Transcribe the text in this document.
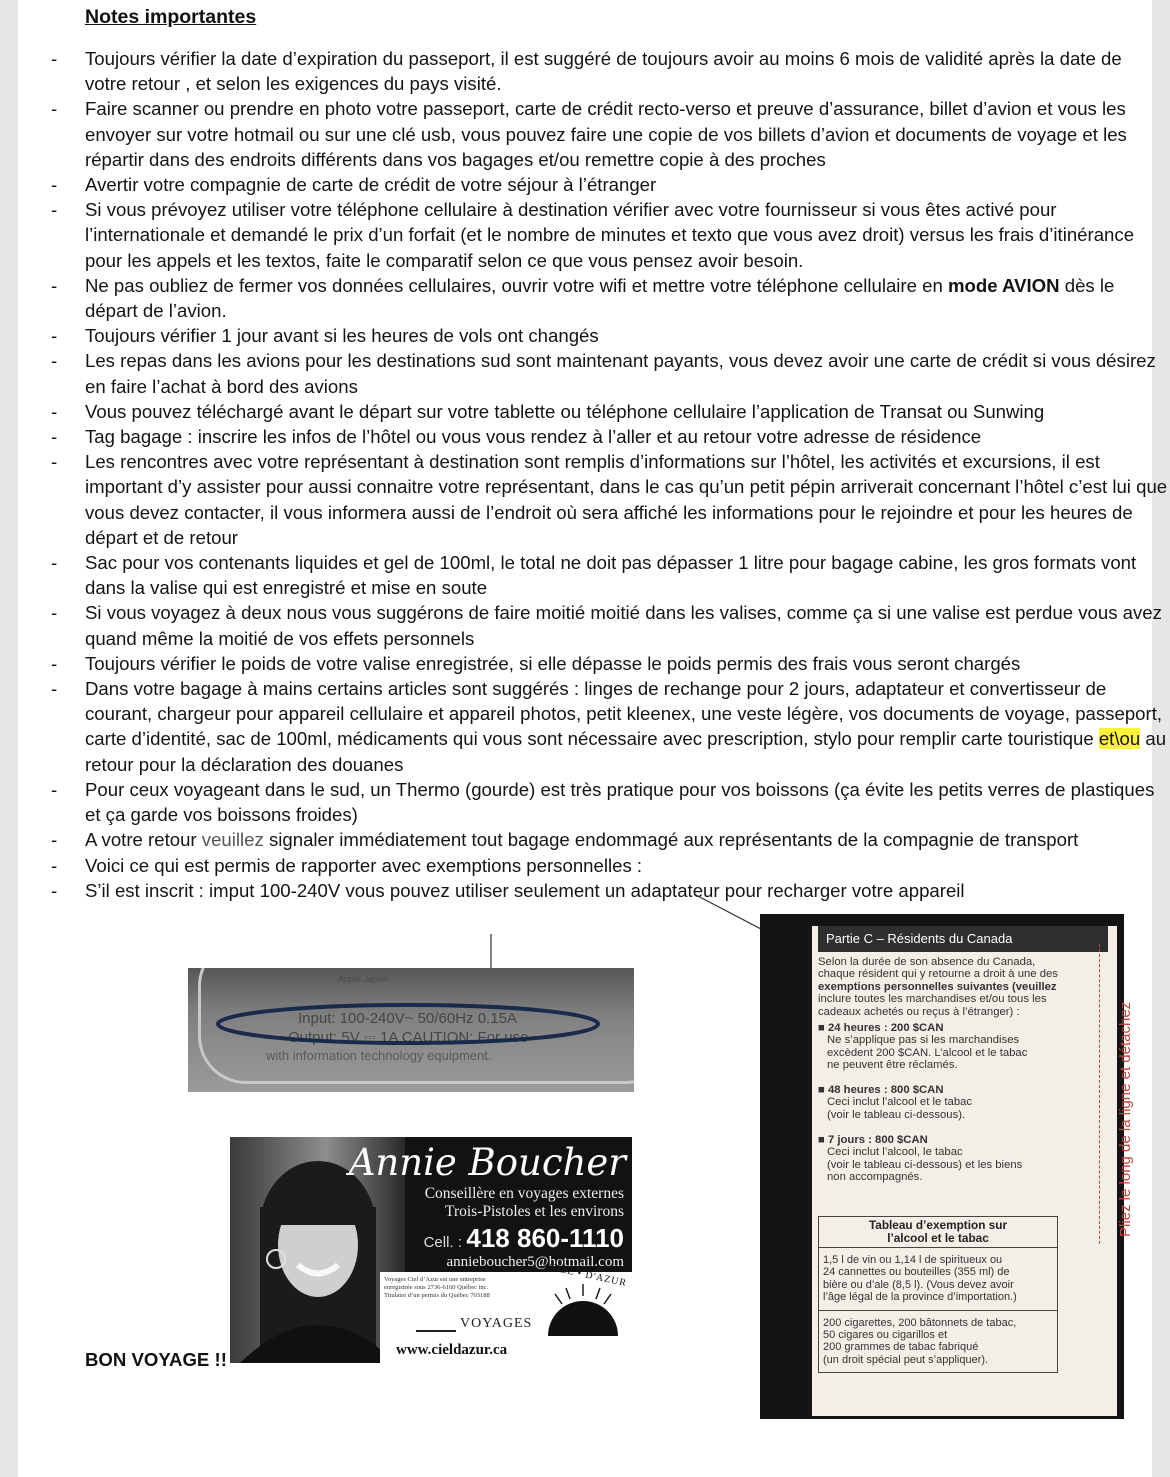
Notes importantes
- Toujours vérifier la date d’expiration du passeport, il est suggéré de toujours avoir au moins 6 mois de validité après la date de votre retour , et selon les exigences du pays visité.
- Faire scanner ou prendre en photo votre passeport, carte de crédit recto-verso et preuve d’assurance, billet d’avion et vous les envoyer sur votre hotmail ou sur une clé usb, vous pouvez faire une copie de vos billets d’avion et documents de voyage et les répartir dans des endroits différents dans vos bagages et/ou remettre copie à des proches
- Avertir votre compagnie de carte de crédit de votre séjour à l’étranger
- Si vous prévoyez utiliser votre téléphone cellulaire à destination vérifier avec votre fournisseur si vous êtes activé pour l’internationale et demandé le prix d’un forfait (et le nombre de minutes et texto que vous avez droit) versus les frais d’itinérance pour les appels et les textos, faite le comparatif selon ce que vous pensez avoir besoin.
- Ne pas oubliez de fermer vos données cellulaires, ouvrir votre wifi et mettre votre téléphone cellulaire en mode AVION dès le départ de l’avion.
- Toujours vérifier 1 jour avant si les heures de vols ont changés
- Les repas dans les avions pour les destinations sud sont maintenant payants, vous devez avoir une carte de crédit si vous désirez en faire l’achat à bord des avions
- Vous pouvez téléchargé avant le départ sur votre tablette ou téléphone cellulaire l’application de Transat ou Sunwing
- Tag bagage : inscrire les infos de l’hôtel ou vous vous rendez à l’aller et au retour votre adresse de résidence
- Les rencontres avec votre représentant à destination sont remplis d’informations sur l’hôtel, les activités et excursions, il est important d’y assister pour aussi connaitre votre représentant, dans le cas qu’un petit pépin arriverait concernant l’hôtel c’est lui que vous devez contacter, il vous informera aussi de l’endroit où sera affiché les informations pour le rejoindre et pour les heures de départ et de retour
- Sac pour vos contenants liquides et gel de 100ml, le total ne doit pas dépasser 1 litre pour bagage cabine, les gros formats vont dans la valise qui est enregistré et mise en soute
- Si vous voyagez à deux nous vous suggérons de faire moitié moitié dans les valises, comme ça si une valise est perdue vous avez quand même la moitié de vos effets personnels
- Toujours vérifier le poids de votre valise enregistrée, si elle dépasse le poids permis des frais vous seront chargés
- Dans votre bagage à mains certains articles sont suggérés : linges de rechange pour 2 jours, adaptateur et convertisseur de courant, chargeur pour appareil cellulaire et appareil photos, petit kleenex, une veste légère, vos documents de voyage, passeport, carte d’identité, sac de 100ml, médicaments qui vous sont nécessaire avec prescription, stylo pour remplir carte touristique et\ou au retour pour la déclaration des douanes
- Pour ceux voyageant dans le sud, un Thermo (gourde) est très pratique pour vos boissons (ça évite les petits verres de plastiques et ça garde vos boissons froides)
- A votre retour veuillez signaler immédiatement tout bagage endommagé aux représentants de la compagnie de transport
- Voici ce qui est permis de rapporter avec exemptions personnelles :
- S’il est inscrit : imput 100-240V vous pouvez utiliser seulement un adaptateur pour recharger votre appareil
BON VOYAGE !!
Apple Japan
Input: 100-240V~ 50/60Hz 0.15A
Output: 5V ⎓ 1A CAUTION: For use
with information technology equipment.
Annie Boucher
Conseillère en voyages externes
Trois-Pistoles et les environs
Cell. : 418 860-1110
annieboucher5@hotmail.com
Voyages Ciel d’Azur est une entreprise
enregistrée sous 2736-6160 Québec inc.
Titulaire d’un permis du Québec 703188
CIEL • D'AZUR
VOYAGES
www.cieldazur.ca
Partie C – Résidents du Canada
Selon la durée de son absence du Canada,
chaque résident qui y retourne a droit à une des
exemptions personnelles suivantes (veuillez
inclure toutes les marchandises et/ou tous les
cadeaux achetés ou reçus à l’étranger) :
■ 24 heures : 200 $CAN
Ne s’applique pas si les marchandises
excèdent 200 $CAN. L’alcool et le tabac
ne peuvent être réclamés.
■ 48 heures : 800 $CAN
Ceci inclut l’alcool et le tabac
(voir le tableau ci-dessous).
■ 7 jours : 800 $CAN
Ceci inclut l’alcool, le tabac
(voir le tableau ci-dessous) et les biens
non accompagnés.
Tableau d’exemption sur
l’alcool et le tabac
1,5 l de vin ou 1,14 l de spiritueux ou
24 cannettes ou bouteilles (355 ml) de
bière ou d’ale (8,5 l). (Vous devez avoir
l’âge légal de la province d’importation.)
200 cigarettes, 200 bâtonnets de tabac,
50 cigares ou cigarillos et
200 grammes de tabac fabriqué
(un droit spécial peut s’appliquer).
Pliez le long de la ligne et détachez
